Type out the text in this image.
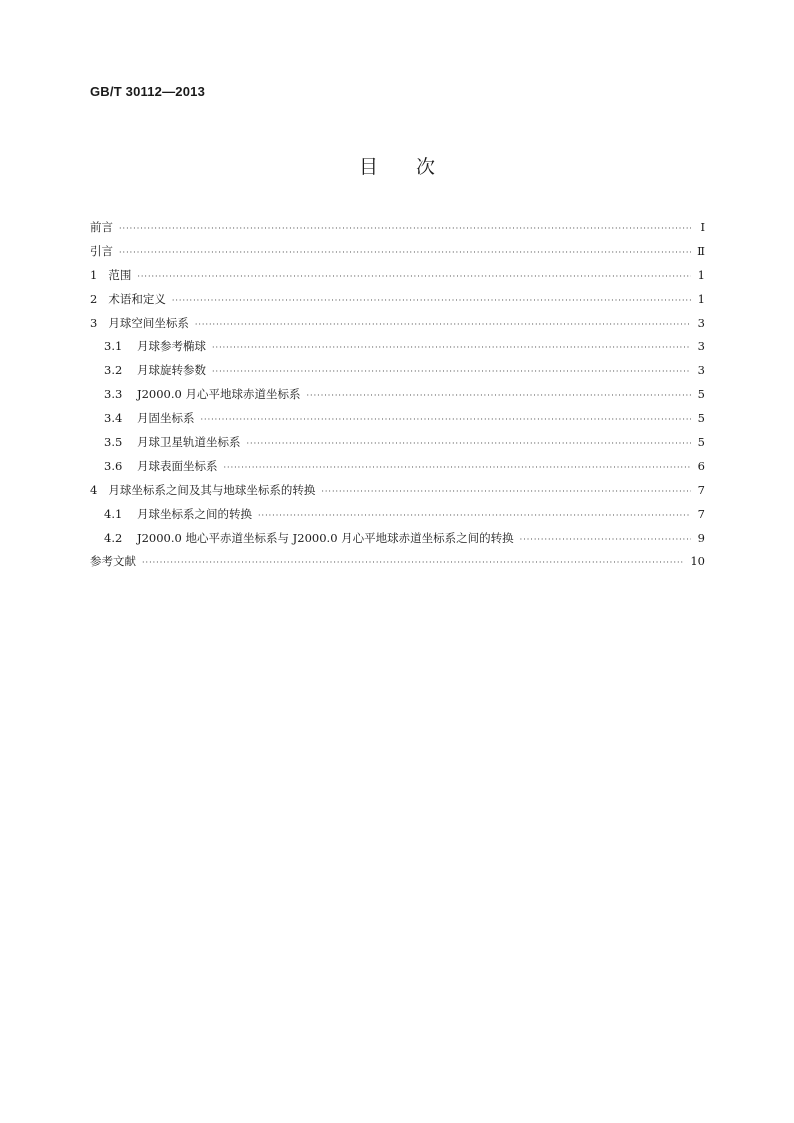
GB/T 30112—2013
目次
前言 ·····	Ⅰ
引言 ·····	Ⅱ
1 范围 ·····	1
2 术语和定义 ·····	1
3 月球空间坐标系 ·····	3
3.1	月球参考椭球 ·····	3
3.2	月球旋转参数 ·····	3
3.3	J2000.0 月心平地球赤道坐标系 ·····	5
3.4	月固坐标系 ·····	5
3.5	月球卫星轨道坐标系 ·····	5
3.6	月球表面坐标系 ·····	6
4 月球坐标系之间及其与地球坐标系的转换 ·····	7
4.1	月球坐标系之间的转换 ·····	7
4.2	J2000.0 地心平赤道坐标系与 J2000.0 月心平地球赤道坐标系之间的转换 ·····	9
参考文献 ·····	10
